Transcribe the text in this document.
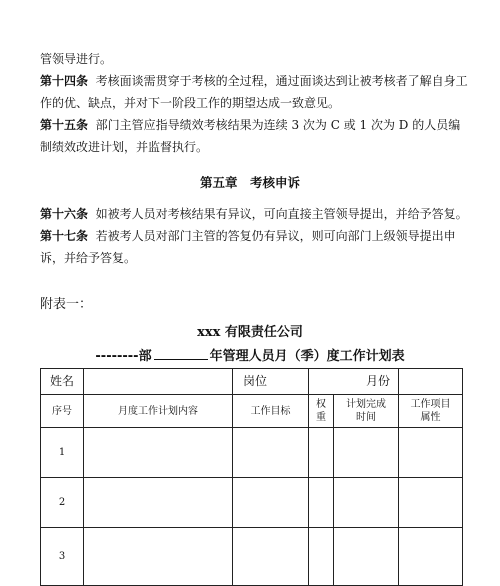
管领导进行。

第十四条 考核面谈需贯穿于考核的全过程，通过面谈达到让被考核者了解自身工作的优、缺点，并对下一阶段工作的期望达成一致意见。

第十五条 部门主管应指导绩效考核结果为连续 3 次为 C 或 1 次为 D 的人员编制绩效改进计划，并监督执行。

第五章　考核申诉

第十六条 如被考人员对考核结果有异议，可向直接主管领导提出，并给予答复。

第十七条 若被考人员对部门主管的答复仍有异议，则可向部门上级领导提出申诉，并给予答复。

附表一：
xxx 有限责任公司
--------部	年管理人员月（季）度工作计划表
姓名		岗位	月份		
序号	月度工作计划内容	工作目标	权重	计划完成时间	工作项目属性
1					
2					
3					
